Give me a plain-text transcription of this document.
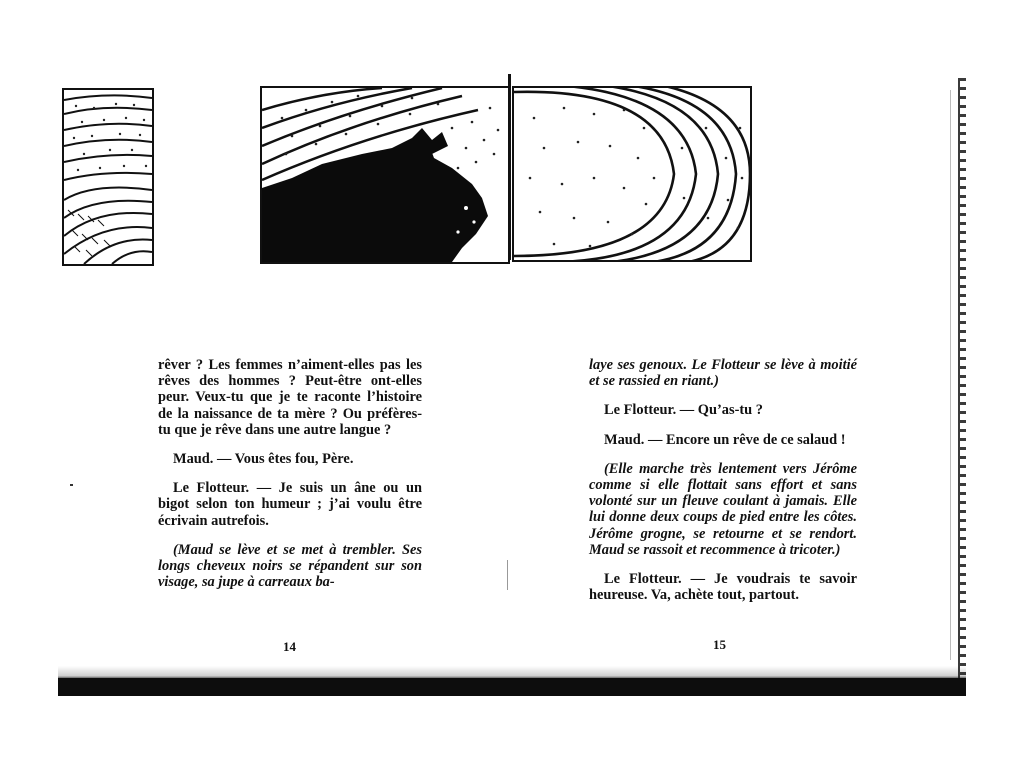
rêver ? Les femmes n’aiment-elles pas les rêves des hommes ? Peut-être ont-elles peur. Veux-tu que je te raconte l’histoire de la naissance de ta mère ? Ou préfères-tu que je rêve dans une autre langue ?

Maud. — Vous êtes fou, Père.

Le Flotteur. — Je suis un âne ou un bigot selon ton humeur ; j’ai voulu être écrivain autrefois.

(Maud se lève et se met à trembler. Ses longs cheveux noirs se répandent sur son visage, sa jupe à carreaux ba-

14

laye ses genoux. Le Flotteur se lève à moitié et se rassied en riant.)

Le Flotteur. — Qu’as-tu ?

Maud. — Encore un rêve de ce salaud !

(Elle marche très lentement vers Jérôme comme si elle flottait sans effort et sans volonté sur un fleuve coulant à jamais. Elle lui donne deux coups de pied entre les côtes. Jérôme grogne, se retourne et se rendort. Maud se rassoit et recommence à tricoter.)

Le Flotteur. — Je voudrais te savoir heureuse. Va, achète tout, partout.

15
